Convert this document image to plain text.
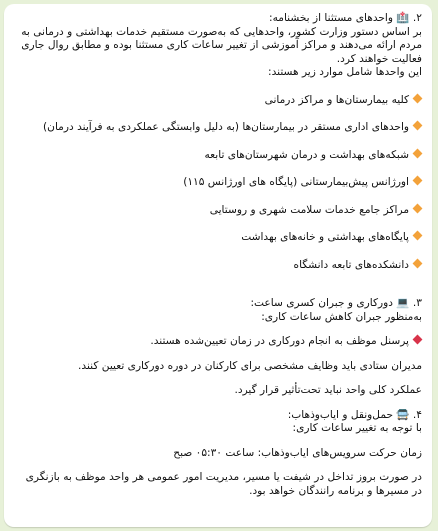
۲. 🏥 واحدهای مستثنا از بخشنامه:

بر اساس دستور وزارت کشور، واحدهایی که به‌صورت مستقیم خدمات بهداشتی و درمانی به مردم ارائه می‌دهند و مراکز آموزشی از تغییر ساعات کاری مستثنا بوده و مطابق روال جاری فعالیت خواهند کرد.

این واحدها شامل موارد زیر هستند:

کلیه بیمارستان‌ها و مراکز درمانی

واحدهای اداری مستقر در بیمارستان‌ها (به دلیل وابستگی عملکردی به فرآیند درمان)

شبکه‌های بهداشت و درمان شهرستان‌های تابعه

اورژانس پیش‌بیمارستانی (پایگاه های اورژانس ۱۱۵)

مراکز جامع خدمات سلامت شهری و روستایی

پایگاه‌های بهداشتی و خانه‌های بهداشت

دانشکده‌های تابعه دانشگاه

۳. 💻 دورکاری و جبران کسری ساعت:

به‌منظور جبران کاهش ساعات کاری:

پرسنل موظف به انجام دورکاری در زمان تعیین‌شده هستند.

مدیران ستادی باید وظایف مشخصی برای کارکنان در دوره دورکاری تعیین کنند.

عملکرد کلی واحد نباید تحت‌تأثیر قرار گیرد.

۴. 🚍 حمل‌ونقل و ایاب‌وذهاب:

با توجه به تغییر ساعات کاری:

زمان حرکت سرویس‌های ایاب‌وذهاب: ساعت ۰۵:۳۰ صبح

در صورت بروز تداخل در شیفت یا مسیر، مدیریت امور عمومی هر واحد موظف به بازنگری در مسیرها و برنامه رانندگان خواهد بود.
